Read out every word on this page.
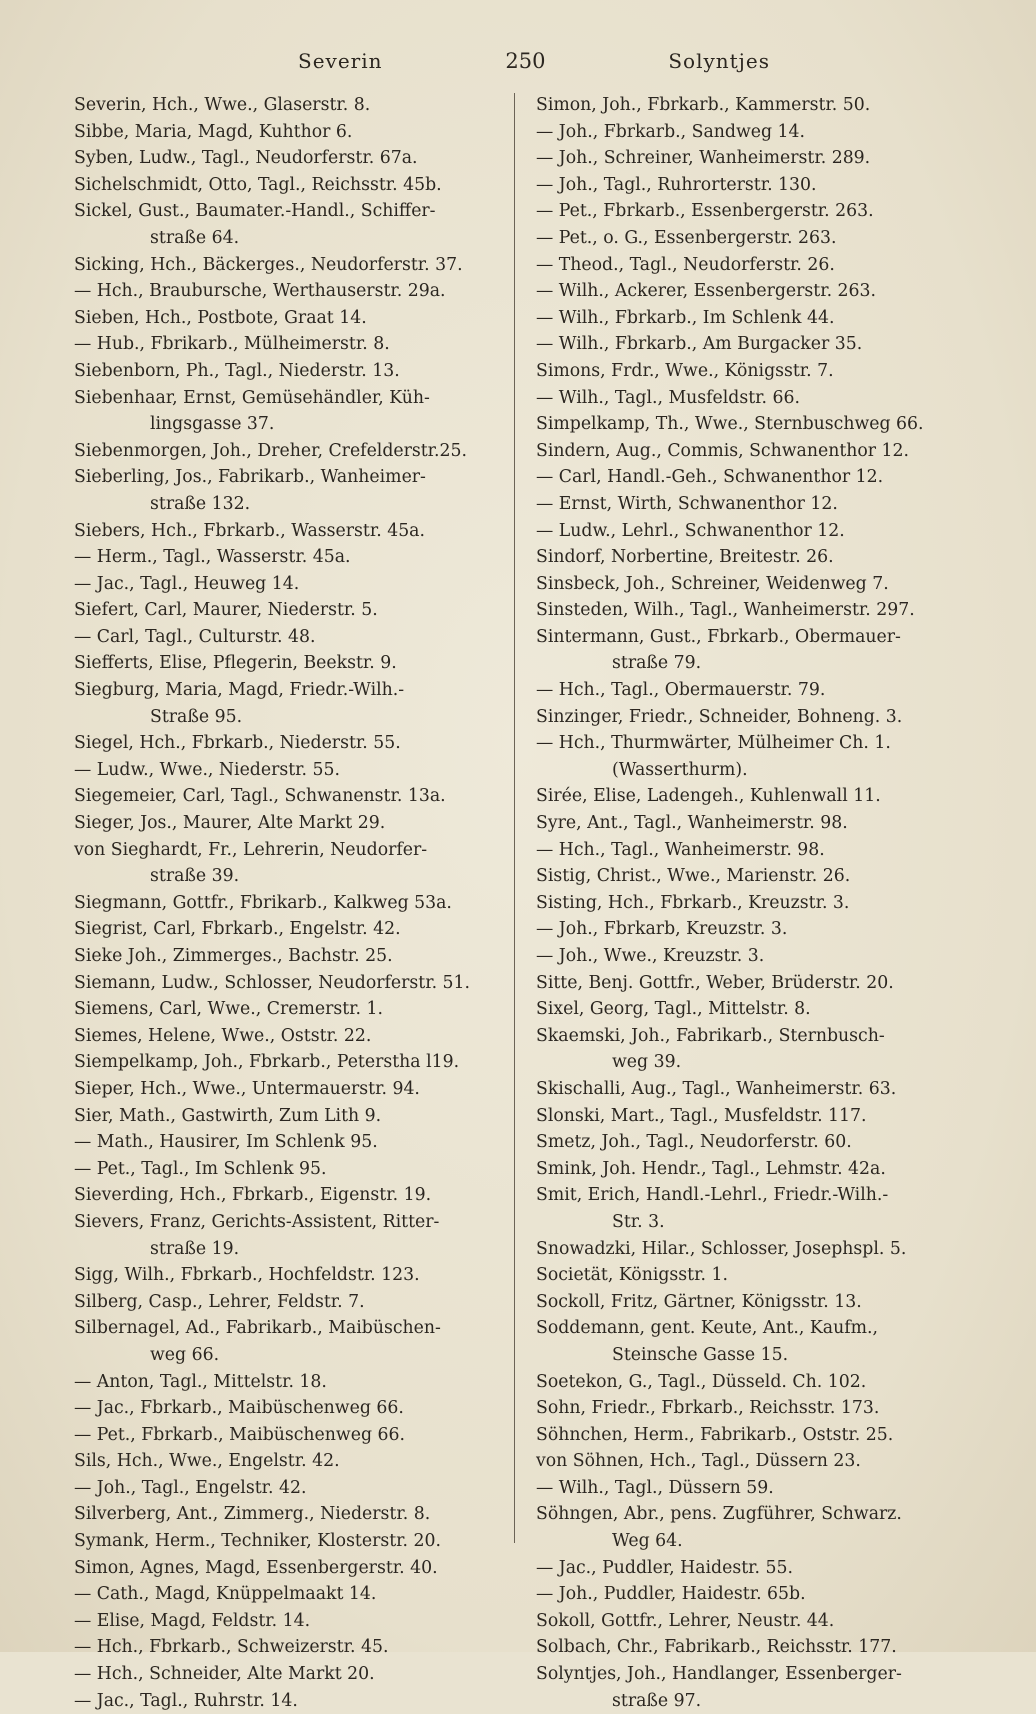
Severin	250	Solyntjes
Severin, Hch., Wwe., Glaserstr. 8.
Sibbe, Maria, Magd, Kuhthor 6.
Syben, Ludw., Tagl., Neudorferstr. 67a.
Sichelschmidt, Otto, Tagl., Reichsstr. 45b.
Sickel, Gust., Baumater.-Handl., Schiffer-
straße 64.
Sicking, Hch., Bäckerges., Neudorferstr. 37.
— Hch., Braubursche, Werthauserstr. 29a.
Sieben, Hch., Postbote, Graat 14.
— Hub., Fbrikarb., Mülheimerstr. 8.
Siebenborn, Ph., Tagl., Niederstr. 13.
Siebenhaar, Ernst, Gemüsehändler, Küh-
lingsgasse 37.
Siebenmorgen, Joh., Dreher, Crefelderstr.25.
Sieberling, Jos., Fabrikarb., Wanheimer-
straße 132.
Siebers, Hch., Fbrkarb., Wasserstr. 45a.
— Herm., Tagl., Wasserstr. 45a.
— Jac., Tagl., Heuweg 14.
Siefert, Carl, Maurer, Niederstr. 5.
— Carl, Tagl., Culturstr. 48.
Siefferts, Elise, Pflegerin, Beekstr. 9.
Siegburg, Maria, Magd, Friedr.-Wilh.-
Straße 95.
Siegel, Hch., Fbrkarb., Niederstr. 55.
— Ludw., Wwe., Niederstr. 55.
Siegemeier, Carl, Tagl., Schwanenstr. 13a.
Sieger, Jos., Maurer, Alte Markt 29.
von Sieghardt, Fr., Lehrerin, Neudorfer-
straße 39.
Siegmann, Gottfr., Fbrikarb., Kalkweg 53a.
Siegrist, Carl, Fbrkarb., Engelstr. 42.
Sieke Joh., Zimmerges., Bachstr. 25.
Siemann, Ludw., Schlosser, Neudorferstr. 51.
Siemens, Carl, Wwe., Cremerstr. 1.
Siemes, Helene, Wwe., Oststr. 22.
Siempelkamp, Joh., Fbrkarb., Peterstha l19.
Sieper, Hch., Wwe., Untermauerstr. 94.
Sier, Math., Gastwirth, Zum Lith 9.
— Math., Hausirer, Im Schlenk 95.
— Pet., Tagl., Im Schlenk 95.
Sieverding, Hch., Fbrkarb., Eigenstr. 19.
Sievers, Franz, Gerichts-Assistent, Ritter-
straße 19.
Sigg, Wilh., Fbrkarb., Hochfeldstr. 123.
Silberg, Casp., Lehrer, Feldstr. 7.
Silbernagel, Ad., Fabrikarb., Maibüschen-
weg 66.
— Anton, Tagl., Mittelstr. 18.
— Jac., Fbrkarb., Maibüschenweg 66.
— Pet., Fbrkarb., Maibüschenweg 66.
Sils, Hch., Wwe., Engelstr. 42.
— Joh., Tagl., Engelstr. 42.
Silverberg, Ant., Zimmerg., Niederstr. 8.
Symank, Herm., Techniker, Klosterstr. 20.
Simon, Agnes, Magd, Essenbergerstr. 40.
— Cath., Magd, Knüppelmaakt 14.
— Elise, Magd, Feldstr. 14.
— Hch., Fbrkarb., Schweizerstr. 45.
— Hch., Schneider, Alte Markt 20.
— Jac., Tagl., Ruhrstr. 14.
Simon, Joh., Fbrkarb., Kammerstr. 50.
— Joh., Fbrkarb., Sandweg 14.
— Joh., Schreiner, Wanheimerstr. 289.
— Joh., Tagl., Ruhrorterstr. 130.
— Pet., Fbrkarb., Essenbergerstr. 263.
— Pet., o. G., Essenbergerstr. 263.
— Theod., Tagl., Neudorferstr. 26.
— Wilh., Ackerer, Essenbergerstr. 263.
— Wilh., Fbrkarb., Im Schlenk 44.
— Wilh., Fbrkarb., Am Burgacker 35.
Simons, Frdr., Wwe., Königsstr. 7.
— Wilh., Tagl., Musfeldstr. 66.
Simpelkamp, Th., Wwe., Sternbuschweg 66.
Sindern, Aug., Commis, Schwanenthor 12.
— Carl, Handl.-Geh., Schwanenthor 12.
— Ernst, Wirth, Schwanenthor 12.
— Ludw., Lehrl., Schwanenthor 12.
Sindorf, Norbertine, Breitestr. 26.
Sinsbeck, Joh., Schreiner, Weidenweg 7.
Sinsteden, Wilh., Tagl., Wanheimerstr. 297.
Sintermann, Gust., Fbrkarb., Obermauer-
straße 79.
— Hch., Tagl., Obermauerstr. 79.
Sinzinger, Friedr., Schneider, Bohneng. 3.
— Hch., Thurmwärter, Mülheimer Ch. 1.
(Wasserthurm).
Sirée, Elise, Ladengeh., Kuhlenwall 11.
Syre, Ant., Tagl., Wanheimerstr. 98.
— Hch., Tagl., Wanheimerstr. 98.
Sistig, Christ., Wwe., Marienstr. 26.
Sisting, Hch., Fbrkarb., Kreuzstr. 3.
— Joh., Fbrkarb, Kreuzstr. 3.
— Joh., Wwe., Kreuzstr. 3.
Sitte, Benj. Gottfr., Weber, Brüderstr. 20.
Sixel, Georg, Tagl., Mittelstr. 8.
Skaemski, Joh., Fabrikarb., Sternbusch-
weg 39.
Skischalli, Aug., Tagl., Wanheimerstr. 63.
Slonski, Mart., Tagl., Musfeldstr. 117.
Smetz, Joh., Tagl., Neudorferstr. 60.
Smink, Joh. Hendr., Tagl., Lehmstr. 42a.
Smit, Erich, Handl.-Lehrl., Friedr.-Wilh.-
Str. 3.
Snowadzki, Hilar., Schlosser, Josephspl. 5.
Societät, Königsstr. 1.
Sockoll, Fritz, Gärtner, Königsstr. 13.
Soddemann, gent. Keute, Ant., Kaufm.,
Steinsche Gasse 15.
Soetekon, G., Tagl., Düsseld. Ch. 102.
Sohn, Friedr., Fbrkarb., Reichsstr. 173.
Söhnchen, Herm., Fabrikarb., Oststr. 25.
von Söhnen, Hch., Tagl., Düssern 23.
— Wilh., Tagl., Düssern 59.
Söhngen, Abr., pens. Zugführer, Schwarz.
Weg 64.
— Jac., Puddler, Haidestr. 55.
— Joh., Puddler, Haidestr. 65b.
Sokoll, Gottfr., Lehrer, Neustr. 44.
Solbach, Chr., Fabrikarb., Reichsstr. 177.
Solyntjes, Joh., Handlanger, Essenberger-
straße 97.
